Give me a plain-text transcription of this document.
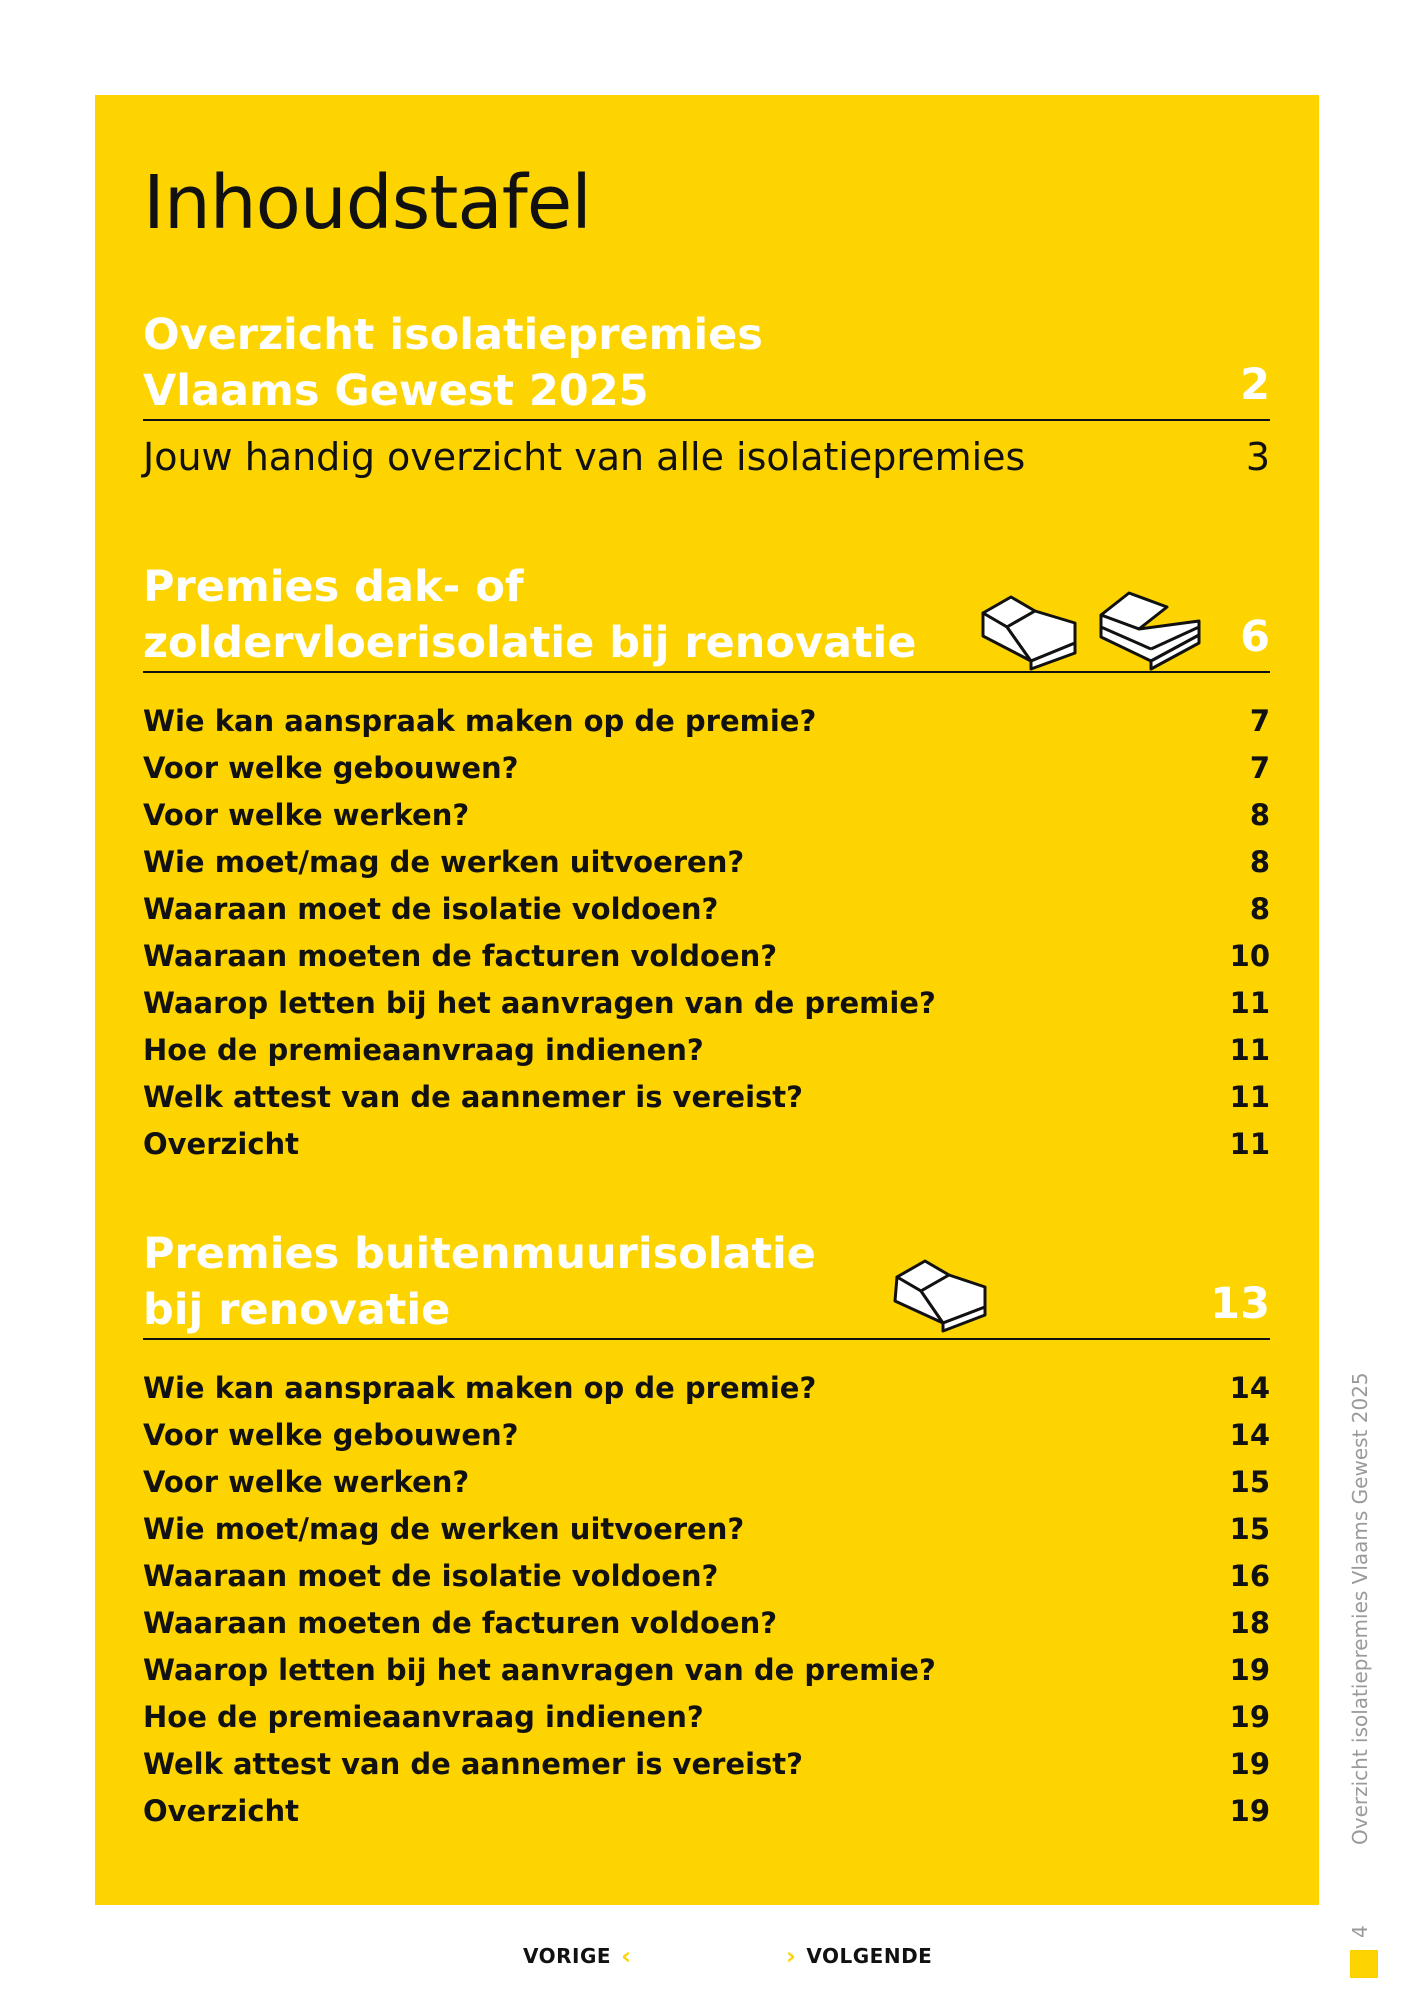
Inhoudstafel
Overzicht isolatiepremies
Vlaams Gewest 2025	2
Jouw handig overzicht van alle isolatiepremies	3
Premies dak- of
zoldervloerisolatie bij renovatie	6
Wie kan aanspraak maken op de premie?	7
Voor welke gebouwen?	7
Voor welke werken?	8
Wie moet/mag de werken uitvoeren?	8
Waaraan moet de isolatie voldoen?	8
Waaraan moeten de facturen voldoen?	10
Waarop letten bij het aanvragen van de premie?	11
Hoe de premieaanvraag indienen?	11
Welk attest van de aannemer is vereist?	11
Overzicht	11
Premies buitenmuurisolatie
bij renovatie	13
Wie kan aanspraak maken op de premie?	14
Voor welke gebouwen?	14
Voor welke werken?	15
Wie moet/mag de werken uitvoeren?	15
Waaraan moet de isolatie voldoen?	16
Waaraan moeten de facturen voldoen?	18
Waarop letten bij het aanvragen van de premie?	19
Hoe de premieaanvraag indienen?	19
Welk attest van de aannemer is vereist?	19
Overzicht	19	Overzicht isolatiepremies Vlaams Gewest 2025
4
VORIGE ‹	› VOLGENDE
